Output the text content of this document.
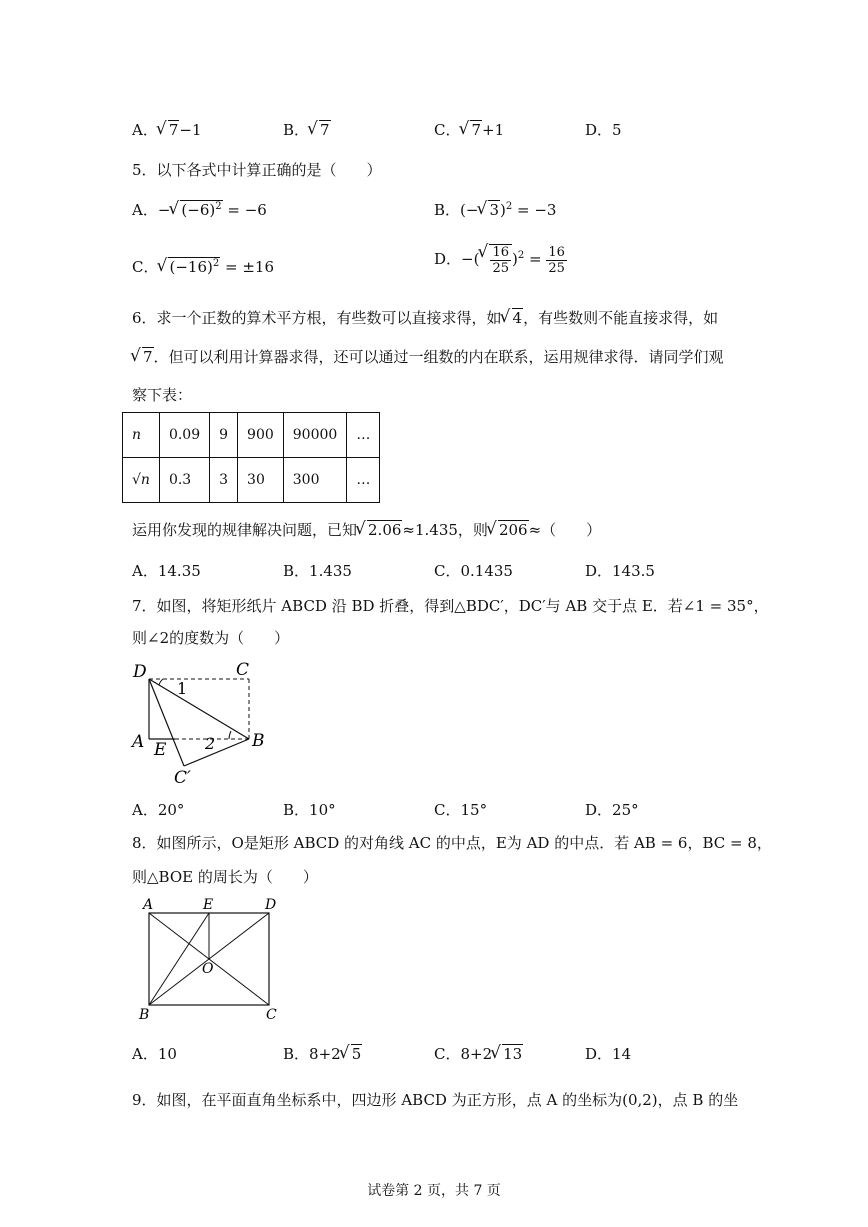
A． √ 7−1	B． √ 7	C． √ 7+1	D．5
5．以下各式中计算正确的是（　　）
A．− √ $(-6)^2 = -6$	B．(− √ 3)$^2$ = −3
C． √ $(-16)^2 = \pm 16$	D．−( √ $\frac{16}{25} )^2 = \frac{16}{25}$
6．求一个正数的算术平方根，有些数可以直接求得，如 √ 4，有些数则不能直接求得，如
√ 7．但可以利用计算器求得，还可以通过一组数的内在联系，运用规律求得．请同学们观
察下表：
n	0.09	9	900	90000	…
√n	0.3	3	30	300	…
运用你发现的规律解决问题，已知 √ 2.06≈1.435，则 √ 206≈（　　）
A．14.35	B．1.435	C．0.1435	D．143.5
7．如图，将矩形纸片 ABCD 沿 BD 折叠，得到△BDC′，DC′与 AB 交于点 E．若∠1 = 35°，
则∠2的度数为（　　）
D	C
A	B
E
C′
1
2
A．20°	B．10°	C．15°	D．25°
8．如图所示，O是矩形 ABCD 的对角线 AC 的中点，E为 AD 的中点．若 AB = 6，BC = 8，
则△BOE 的周长为（　　）
A	E	D
O
B	C
A．10	B．8+2 √ 5	C．8+2 √ 13	D．14
9．如图，在平面直角坐标系中，四边形 ABCD 为正方形，点 A 的坐标为(0,2)，点 B 的坐
试卷第 2 页，共 7 页
